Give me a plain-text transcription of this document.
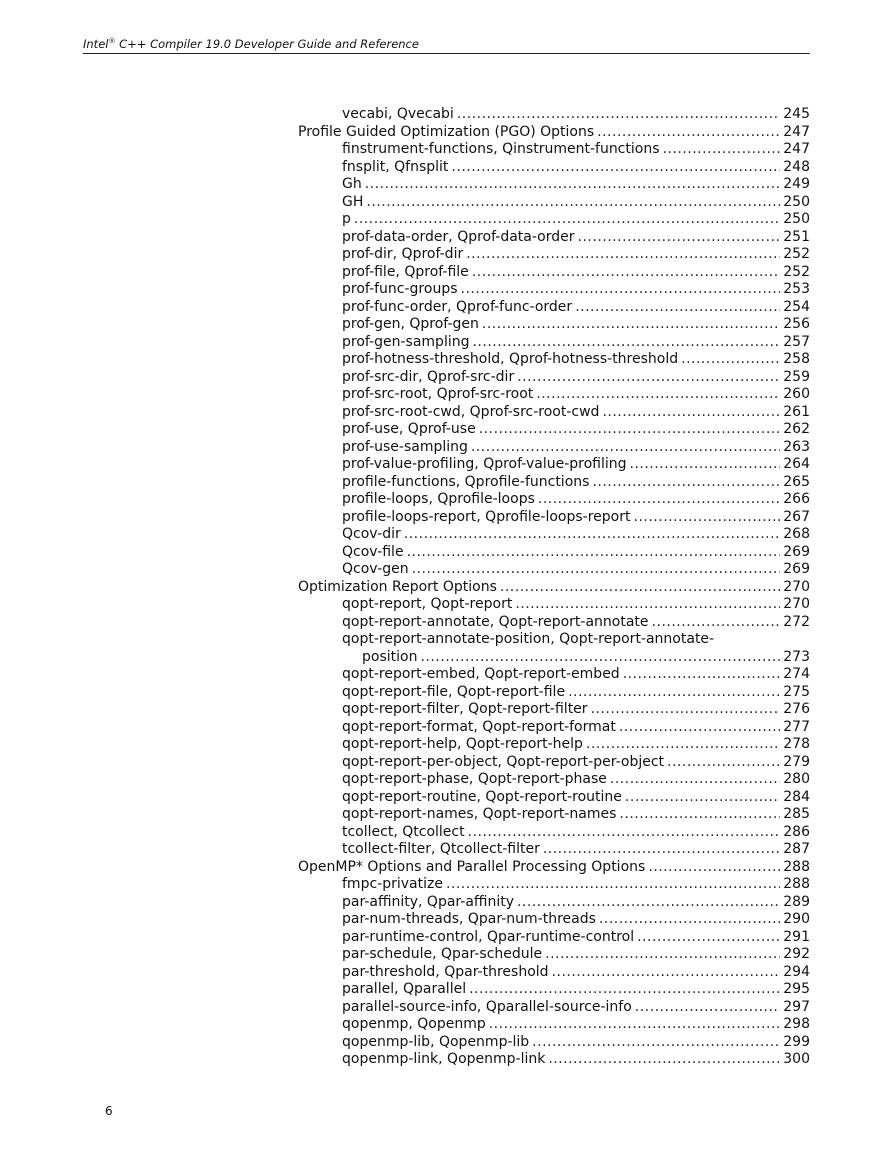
Intel® C++ Compiler 19.0 Developer Guide and Reference
vecabi, Qvecabi .....	245
Profile Guided Optimization (PGO) Options .....	247
finstrument-functions, Qinstrument-functions .....	247
fnsplit, Qfnsplit .....	248
Gh .....	249
GH .....	250
p .....	250
prof-data-order, Qprof-data-order .....	251
prof-dir, Qprof-dir .....	252
prof-file, Qprof-file .....	252
prof-func-groups .....	253
prof-func-order, Qprof-func-order .....	254
prof-gen, Qprof-gen .....	256
prof-gen-sampling .....	257
prof-hotness-threshold, Qprof-hotness-threshold .....	258
prof-src-dir, Qprof-src-dir .....	259
prof-src-root, Qprof-src-root .....	260
prof-src-root-cwd, Qprof-src-root-cwd .....	261
prof-use, Qprof-use .....	262
prof-use-sampling .....	263
prof-value-profiling, Qprof-value-profiling .....	264
profile-functions, Qprofile-functions .....	265
profile-loops, Qprofile-loops .....	266
profile-loops-report, Qprofile-loops-report .....	267
Qcov-dir .....	268
Qcov-file .....	269
Qcov-gen .....	269
Optimization Report Options .....	270
qopt-report, Qopt-report .....	270
qopt-report-annotate, Qopt-report-annotate .....	272
qopt-report-annotate-position, Qopt-report-annotate-
position .....	273
qopt-report-embed, Qopt-report-embed .....	274
qopt-report-file, Qopt-report-file .....	275
qopt-report-filter, Qopt-report-filter .....	276
qopt-report-format, Qopt-report-format .....	277
qopt-report-help, Qopt-report-help .....	278
qopt-report-per-object, Qopt-report-per-object .....	279
qopt-report-phase, Qopt-report-phase .....	280
qopt-report-routine, Qopt-report-routine .....	284
qopt-report-names, Qopt-report-names .....	285
tcollect, Qtcollect .....	286
tcollect-filter, Qtcollect-filter .....	287
OpenMP* Options and Parallel Processing Options .....	288
fmpc-privatize .....	288
par-affinity, Qpar-affinity .....	289
par-num-threads, Qpar-num-threads .....	290
par-runtime-control, Qpar-runtime-control .....	291
par-schedule, Qpar-schedule .....	292
par-threshold, Qpar-threshold .....	294
parallel, Qparallel .....	295
parallel-source-info, Qparallel-source-info .....	297
qopenmp, Qopenmp .....	298
qopenmp-lib, Qopenmp-lib .....	299
qopenmp-link, Qopenmp-link .....	300
6
